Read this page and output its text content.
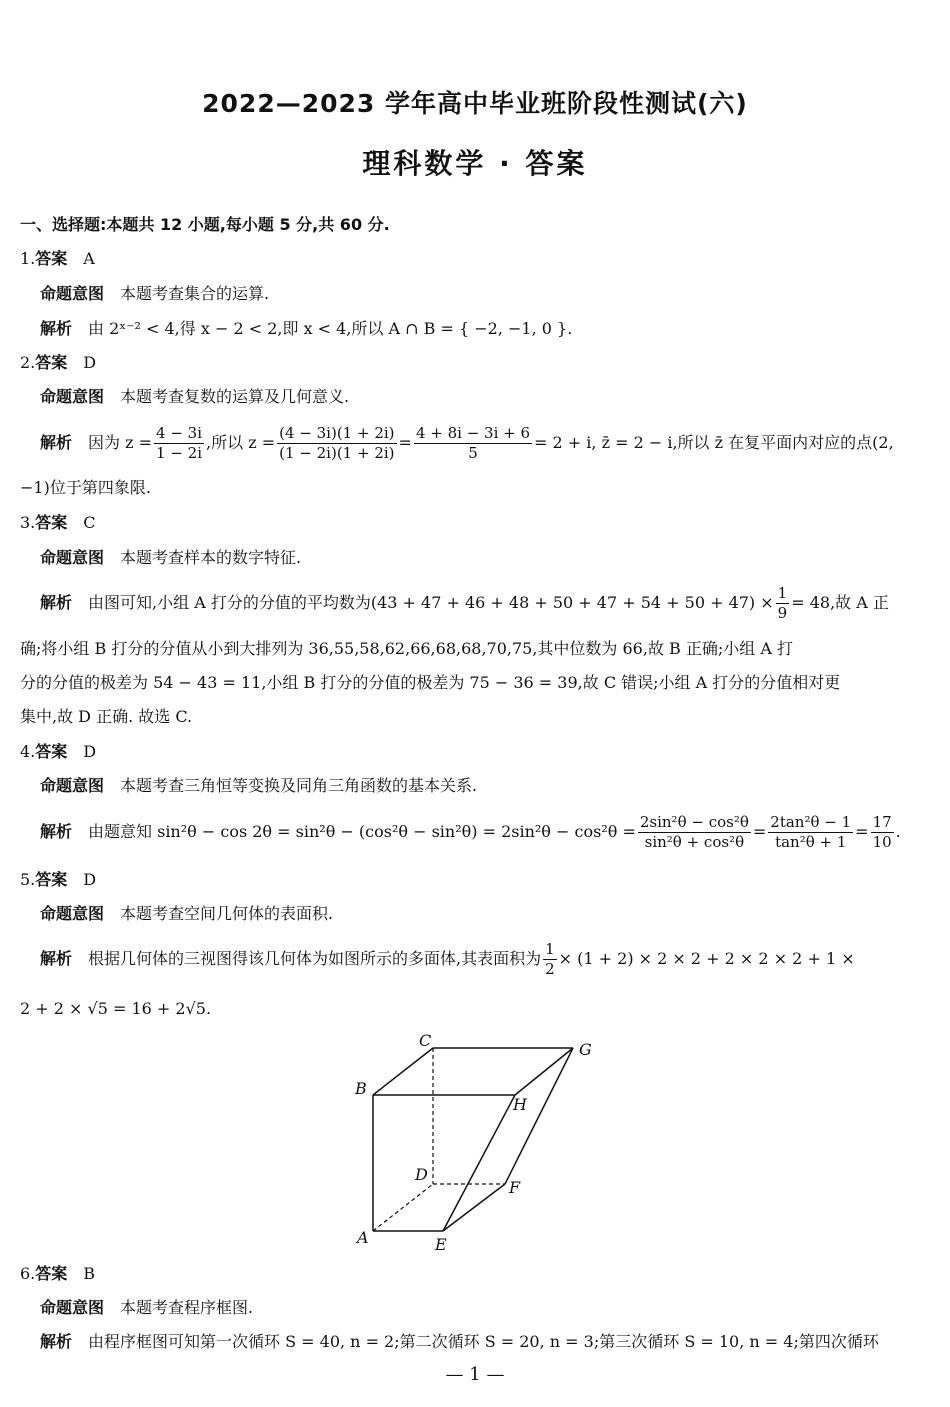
2022—2023 学年高中毕业班阶段性测试(六)
理科数学 · 答案
一、选择题:本题共 12 小题,每小题 5 分,共 60 分.
1.答案 A
命题意图 本题考查集合的运算.
解析 由 2ˣ⁻² < 4,得 x − 2 < 2,即 x < 4,所以 A ∩ B = { −2, −1, 0 }.
2.答案 D
命题意图 本题考查复数的运算及几何意义.
解析 因为 $z = \frac{4 - 3i}{1 - 2i}$ ,所以 $z = \frac{(4 - 3i)(1 + 2i)}{(1 - 2i)(1 + 2i)} = \frac{4 + 8i - 3i + 6}{5} = 2 + i$, z̄ = 2 − i,所以 z̄ 在复平面内对应的点(2,
−1)位于第四象限.
3.答案 C
命题意图 本题考查样本的数字特征.
解析 由图可知,小组 A 打分的分值的平均数为$(43 + 47 + 46 + 48 + 50 + 47 + 54 + 50 + 47) \times \frac{1}{9} = 48$,故 A 正
确;将小组 B 打分的分值从小到大排列为 36,55,58,62,66,68,68,70,75,其中位数为 66,故 B 正确;小组 A 打
分的分值的极差为 54 − 43 = 11,小组 B 打分的分值的极差为 75 − 36 = 39,故 C 错误;小组 A 打分的分值相对更
集中,故 D 正确. 故选 C.
4.答案 D
命题意图 本题考查三角恒等变换及同角三角函数的基本关系.
解析 由题意知 $\sin^2\theta - \cos 2\theta = \sin^2\theta - (\cos^2\theta - \sin^2\theta) = 2\sin^2\theta - \cos^2\theta = \frac{\text{2sin²θ − cos²θ}}{\text{sin²θ + cos²θ}} = \frac{\text{2tan²θ − 1}}{\text{tan²θ + 1}} = \frac{17}{10}$ .
5.答案 D
命题意图 本题考查空间几何体的表面积.
解析 根据几何体的三视图得该几何体为如图所示的多面体,其表面积为 $\frac{1}{2} \times (1 + 2) \times 2 \times 2 + 2 \times 2 \times 2 + 1$ ×
2 + 2 × √5 = 16 + 2√5.
A
B
C
D
E
F
G
H
6.答案 B
命题意图 本题考查程序框图.
解析 由程序框图可知第一次循环 S = 40, n = 2;第二次循环 S = 20, n = 3;第三次循环 S = 10, n = 4;第四次循环
— 1 —
